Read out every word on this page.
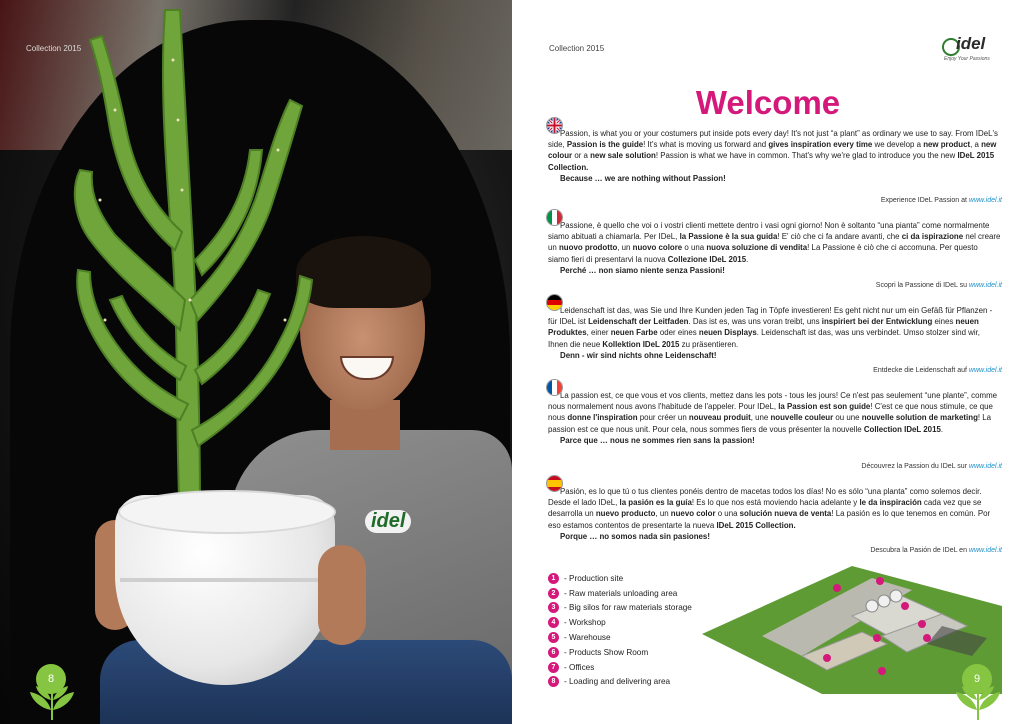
Collection 2015
idel
8
Collection 2015	idel
Enjoy Your Passions
Welcome

Passion, is what you or your costumers put inside pots every day! It's not just “a plant” as ordinary we use to say. From IDeL's side, Passion is the guide! It's what is moving us forward and gives inspiration every time we develop a new product, a new colour or a new sale solution! Passion is what we have in common. That's why we're glad to introduce you the new IDeL 2015 Collection.

Because … we are nothing without Passion!

Experience IDeL Passion at www.idel.it

Passione, è quello che voi o i vostri clienti mettete dentro i vasi ogni giorno! Non è soltanto “una pianta” come normalmente siamo abituati a chiamarla. Per IDeL, la Passione è la sua guida! E' ciò che ci fa andare avanti, che ci da ispirazione nel creare un nuovo prodotto, un nuovo colore o una nuova soluzione di vendita! La Passione è ciò che ci accomuna. Per questo siamo fieri di presentarvi la nuova Collezione IDeL 2015.

Perché … non siamo niente senza Passioni!

Scopri la Passione di IDeL su www.idel.it

Leidenschaft ist das, was Sie und Ihre Kunden jeden Tag in Töpfe investieren! Es geht nicht nur um ein Gefäß für Pflanzen - für IDeL ist Leidenschaft der Leitfaden. Das ist es, was uns voran treibt, uns inspiriert bei der Entwicklung eines neuen Produktes, einer neuen Farbe oder eines neuen Displays. Leidenschaft ist das, was uns verbindet. Umso stolzer sind wir, Ihnen die neue Kollektion IDeL 2015 zu präsentieren.

Denn - wir sind nichts ohne Leidenschaft!

Entdecke die Leidenschaft auf www.idel.it

La passion est, ce que vous et vos clients, mettez dans les pots - tous les jours! Ce n'est pas seulement “une plante”, comme nous normalement nous avons l'habitude de l'appeler. Pour IDeL, la Passion est son guide! C'est ce que nous stimule, ce que nous donne l'inspiration pour créer un nouveau produit, une nouvelle couleur ou une nouvelle solution de marketing! La passion est ce que nous unit. Pour cela, nous sommes fiers de vous présenter la nouvelle Collection IDeL 2015.

Parce que … nous ne sommes rien sans la passion!

Découvrez la Passion du IDeL sur www.idel.it

Pasión, es lo que tú o tus clientes ponéis dentro de macetas todos los días! No es sólo “una planta” como solemos decir. Desde el lado IDeL, la pasión es la guía! Es lo que nos está moviendo hacia adelante y le da inspiración cada vez que se desarrolla un nuevo producto, un nuevo color o una solución nueva de venta! La pasión es lo que tenemos en común. Por eso estamos contentos de presentarte la nueva IDeL 2015 Collection.

Porque … no somos nada sin pasiones!

Descubra la Pasión de IDeL en www.idel.it
1	- Production site
2	- Raw materials unloading area
3	- Big silos for raw materials storage
4	- Workshop
5	- Warehouse
6	- Products Show Room
7	- Offices
8	- Loading and delivering area	9
